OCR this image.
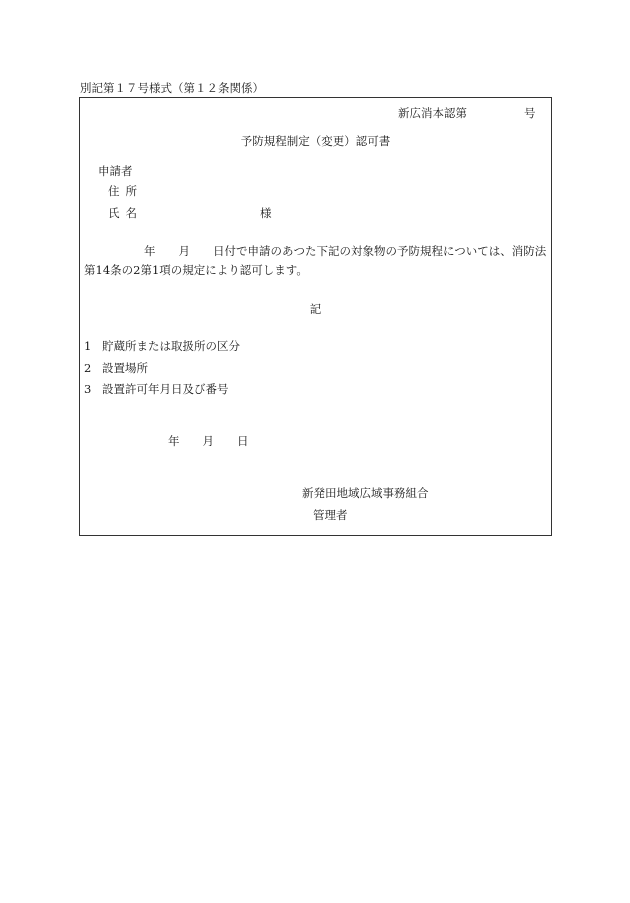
別記第１７号様式（第１２条関係）
新広消本認第	号
予防規程制定（変更）認可書
申請者
住所
氏名	様
年　　月　　日付で申請のあつた下記の対象物の予防規程については、消防法
第14条の2第1項の規定により認可します。
記
1 貯蔵所または取扱所の区分
2 設置場所
3 設置許可年月日及び番号
年　　月　　日
新発田地域広域事務組合
管理者
